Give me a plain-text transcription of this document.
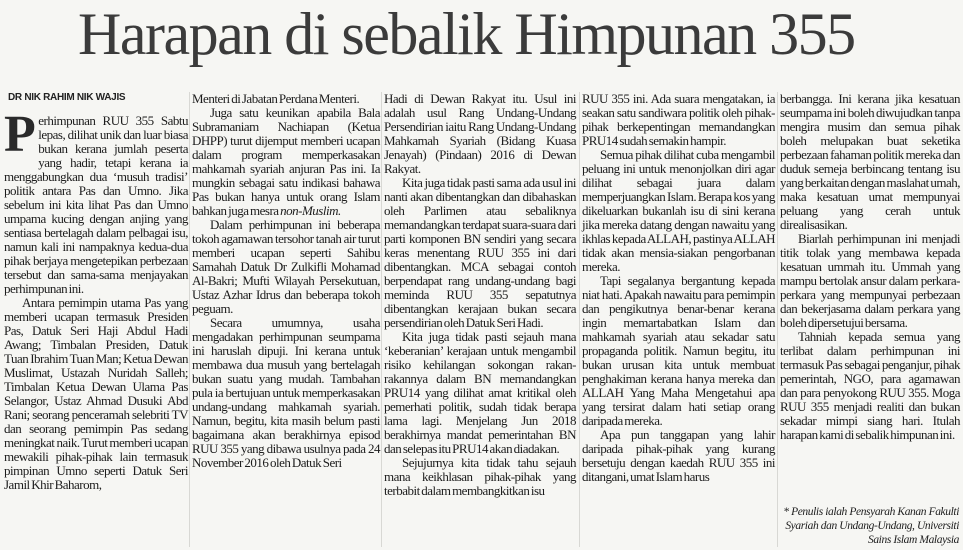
Harapan di sebalik Himpunan 355
DR NIK RAHIM NIK WAJIS

Perhimpunan RUU 355 Sabtu lepas, dilihat unik dan luar biasa bukan kerana jumlah peserta yang hadir, tetapi kerana ia menggabungkan dua ‘musuh tradisi’ politik antara Pas dan Umno. Jika sebelum ini kita lihat Pas dan Umno umpama kucing dengan anjing yang sentiasa bertelagah dalam pelbagai isu, namun kali ini nampaknya kedua-dua pihak berjaya mengetepikan perbezaan tersebut dan sama-sama menjayakan perhimpunan ini.

Antara pemimpin utama Pas yang memberi ucapan termasuk Presiden Pas, Datuk Seri Haji Abdul Hadi Awang; Timbalan Presiden, Datuk Tuan Ibrahim Tuan Man; Ketua Dewan Muslimat, Ustazah Nuridah Salleh; Timbalan Ketua Dewan Ulama Pas Selangor, Ustaz Ahmad Dusuki Abd Rani; seorang penceramah selebriti TV dan seorang pemimpin Pas sedang meningkat naik. Turut memberi ucapan mewakili pihak-pihak lain termasuk pimpinan Umno seperti Datuk Seri Jamil Khir Baharom,

Menteri di Jabatan Perdana Menteri.

Juga satu keunikan apabila Bala Subramaniam Nachiapan (Ketua DHPP) turut dijemput memberi ucapan dalam program memperkasakan mahkamah syariah anjuran Pas ini. Ia mungkin sebagai satu indikasi bahawa Pas bukan hanya untuk orang Islam bahkan juga mesra non-Muslim.

Dalam perhimpunan ini beberapa tokoh agamawan tersohor tanah air turut memberi ucapan seperti Sahibu Samahah Datuk Dr Zulkifli Mohamad Al-Bakri; Mufti Wilayah Persekutuan, Ustaz Azhar Idrus dan beberapa tokoh peguam.

Secara umumnya, usaha mengadakan perhimpunan seumpama ini haruslah dipuji. Ini kerana untuk membawa dua musuh yang bertelagah bukan suatu yang mudah. Tambahan pula ia bertujuan untuk memperkasakan undang-undang mahkamah syariah. Namun, begitu, kita masih belum pasti bagaimana akan berakhirnya episod RUU 355 yang dibawa usulnya pada 24 November 2016 oleh Datuk Seri

Hadi di Dewan Rakyat itu. Usul ini adalah usul Rang Undang-Undang Persendirian iaitu Rang Undang-Undang Mahkamah Syariah (Bidang Kuasa Jenayah) (Pindaan) 2016 di Dewan Rakyat.

Kita juga tidak pasti sama ada usul ini nanti akan dibentangkan dan dibahaskan oleh Parlimen atau sebaliknya memandangkan terdapat suara-suara dari parti komponen BN sendiri yang secara keras menentang RUU 355 ini dari dibentangkan. MCA sebagai contoh berpendapat rang undang-undang bagi meminda RUU 355 sepatutnya dibentangkan kerajaan bukan secara persendirian oleh Datuk Seri Hadi.

Kita juga tidak pasti sejauh mana ‘keberanian’ kerajaan untuk mengambil risiko kehilangan sokongan rakan-rakannya dalam BN memandangkan PRU14 yang dilihat amat kritikal oleh pemerhati politik, sudah tidak berapa lama lagi. Menjelang Jun 2018 berakhirnya mandat pemerintahan BN dan selepas itu PRU14 akan diadakan.

Sejujurnya kita tidak tahu sejauh mana keikhlasan pihak-pihak yang terbabit dalam membangkitkan isu

RUU 355 ini. Ada suara mengatakan, ia seakan satu sandiwara politik oleh pihak-pihak berkepentingan memandangkan PRU14 sudah semakin hampir.

Semua pihak dilihat cuba mengambil peluang ini untuk menonjolkan diri agar dilihat sebagai juara dalam memperjuangkan Islam. Berapa kos yang dikeluarkan bukanlah isu di sini kerana jika mereka datang dengan nawaitu yang ikhlas kepada ALLAH, pastinya ALLAH tidak akan mensia-siakan pengorbanan mereka.

Tapi segalanya bergantung kepada niat hati. Apakah nawaitu para pemimpin dan pengikutnya benar-benar kerana ingin memartabatkan Islam dan mahkamah syariah atau sekadar satu propaganda politik. Namun begitu, itu bukan urusan kita untuk membuat penghakiman kerana hanya mereka dan ALLAH Yang Maha Mengetahui apa yang tersirat dalam hati setiap orang daripada mereka.

Apa pun tanggapan yang lahir daripada pihak-pihak yang kurang bersetuju dengan kaedah RUU 355 ini ditangani, umat Islam harus

berbangga. Ini kerana jika kesatuan seumpama ini boleh diwujudkan tanpa mengira musim dan semua pihak boleh melupakan buat seketika perbezaan fahaman politik mereka dan duduk semeja berbincang tentang isu yang berkaitan dengan maslahat umah, maka kesatuan umat mempunyai peluang yang cerah untuk direalisasikan.

Biarlah perhimpunan ini menjadi titik tolak yang membawa kepada kesatuan ummah itu. Ummah yang mampu bertolak ansur dalam perkara-perkara yang mempunyai perbezaan dan bekerjasama dalam perkara yang boleh dipersetujui bersama.

Tahniah kepada semua yang terlibat dalam perhimpunan ini termasuk Pas sebagai penganjur, pihak pemerintah, NGO, para agamawan dan para penyokong RUU 355. Moga RUU 355 menjadi realiti dan bukan sekadar mimpi siang hari. Itulah harapan kami di sebalik himpunan ini.

* Penulis ialah Pensyarah Kanan Fakulti Syariah dan Undang-Undang, Universiti Sains Islam Malaysia
